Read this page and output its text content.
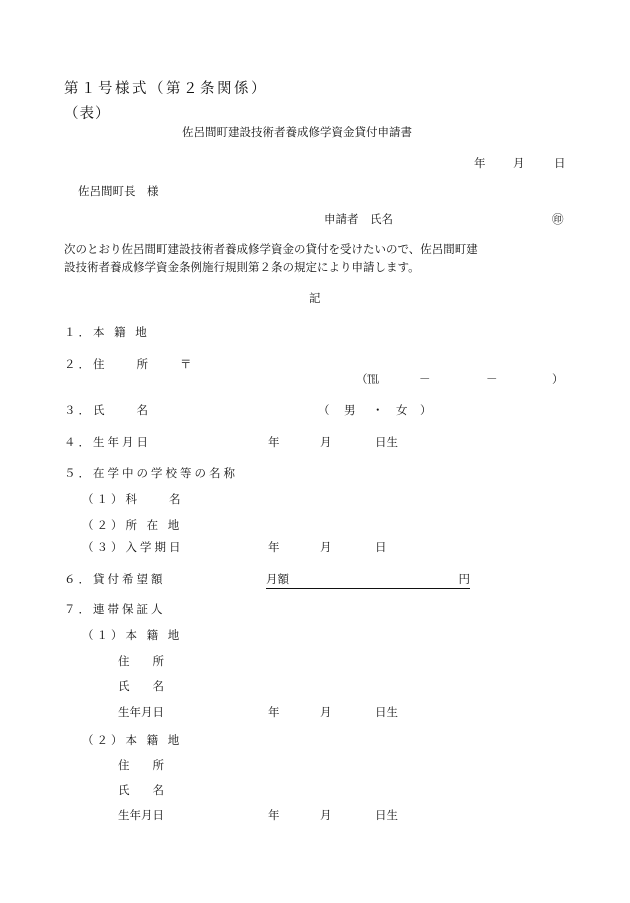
第１号様式（第２条関係）
（表）
佐呂間町建設技術者養成修学資金貸付申請書
年 月	日
佐呂間町長　様
申請者　氏名	㊞
次のとおり佐呂間町建設技術者養成修学資金の貸付を受けたいので、佐呂間町建
設技術者養成修学資金条例施行規則第２条の規定により申請します。
記
１．本 籍 地
２．住　　所　　〒
（℡	－	－	）
３．氏　　名	（ 男 ・ 女 ）
４．生年月日	年	月	日生
５．在学中の学校等の名称
（１）科　　名
（２）所 在 地
（３）入学期日	年	月	日
６．貸付希望額	月額	円
７．連帯保証人
（１）本 籍 地
住　　所
氏　　名
生年月日	年	月	日生
（２）本 籍 地
住　　所
氏　　名
生年月日	年	月	日生
